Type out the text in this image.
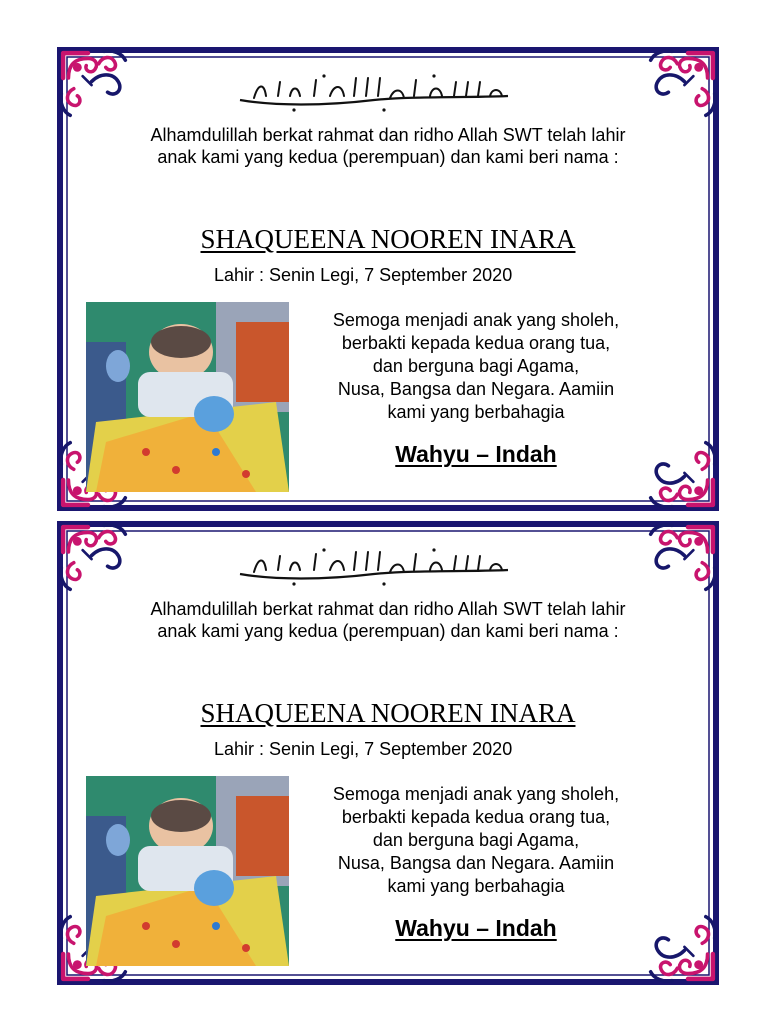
Alhamdulillah berkat rahmat dan ridho Allah SWT telah lahir
anak kami yang kedua (perempuan) dan kami beri nama :
SHAQUEENA NOOREN INARA
Lahir : Senin Legi, 7 September 2020
Semoga menjadi anak yang sholeh,
berbakti kepada kedua orang tua,
dan berguna bagi Agama,
Nusa, Bangsa dan Negara. Aamiin
kami yang berbahagia
Wahyu – Indah
Alhamdulillah berkat rahmat dan ridho Allah SWT telah lahir
anak kami yang kedua (perempuan) dan kami beri nama :
SHAQUEENA NOOREN INARA
Lahir : Senin Legi, 7 September 2020
Semoga menjadi anak yang sholeh,
berbakti kepada kedua orang tua,
dan berguna bagi Agama,
Nusa, Bangsa dan Negara. Aamiin
kami yang berbahagia
Wahyu – Indah
